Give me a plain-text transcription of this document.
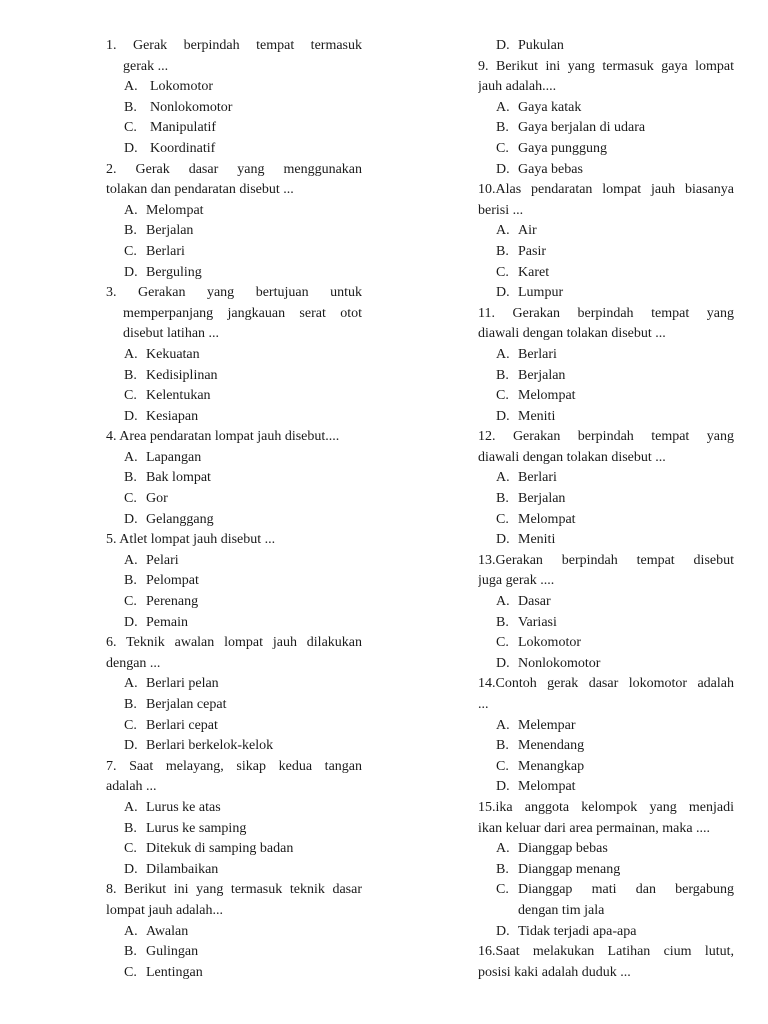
1. Gerak berpindah tempat termasuk
gerak ...
A. Lokomotor
B. Nonlokomotor
C. Manipulatif
D. Koordinatif
2. Gerak dasar yang menggunakan
tolakan dan pendaratan disebut ...
A. Melompat
B. Berjalan
C. Berlari
D. Berguling
3. Gerakan yang bertujuan untuk
memperpanjang jangkauan serat otot
disebut latihan ...
A. Kekuatan
B. Kedisiplinan
C. Kelentukan
D. Kesiapan
4. Area pendaratan lompat jauh disebut....
A. Lapangan
B. Bak lompat
C. Gor
D. Gelanggang
5. Atlet lompat jauh disebut ...
A. Pelari
B. Pelompat
C. Perenang
D. Pemain
6. Teknik awalan lompat jauh dilakukan
dengan ...
A. Berlari pelan
B. Berjalan cepat
C. Berlari cepat
D. Berlari berkelok-kelok
7. Saat melayang, sikap kedua tangan
adalah ...
A. Lurus ke atas
B. Lurus ke samping
C. Ditekuk di samping badan
D. Dilambaikan
8. Berikut ini yang termasuk teknik dasar
lompat jauh adalah...
A. Awalan
B. Gulingan
C. Lentingan
D. Pukulan
9. Berikut ini yang termasuk gaya lompat
jauh adalah....
A. Gaya katak
B. Gaya berjalan di udara
C. Gaya punggung
D. Gaya bebas
10.Alas pendaratan lompat jauh biasanya
berisi ...
A. Air
B. Pasir
C. Karet
D. Lumpur
11. Gerakan berpindah tempat yang
diawali dengan tolakan disebut ...
A. Berlari
B. Berjalan
C. Melompat
D. Meniti
12. Gerakan berpindah tempat yang
diawali dengan tolakan disebut ...
A. Berlari
B. Berjalan
C. Melompat
D. Meniti
13.Gerakan berpindah tempat disebut
juga gerak ....
A. Dasar
B. Variasi
C. Lokomotor
D. Nonlokomotor
14.Contoh gerak dasar lokomotor adalah
...
A. Melempar
B. Menendang
C. Menangkap
D. Melompat
15.ika anggota kelompok yang menjadi
ikan keluar dari area permainan, maka ....
A. Dianggap bebas
B. Dianggap menang
C. Dianggap mati dan bergabung
dengan tim jala
D. Tidak terjadi apa-apa
16.Saat melakukan Latihan cium lutut,
posisi kaki adalah duduk ...
